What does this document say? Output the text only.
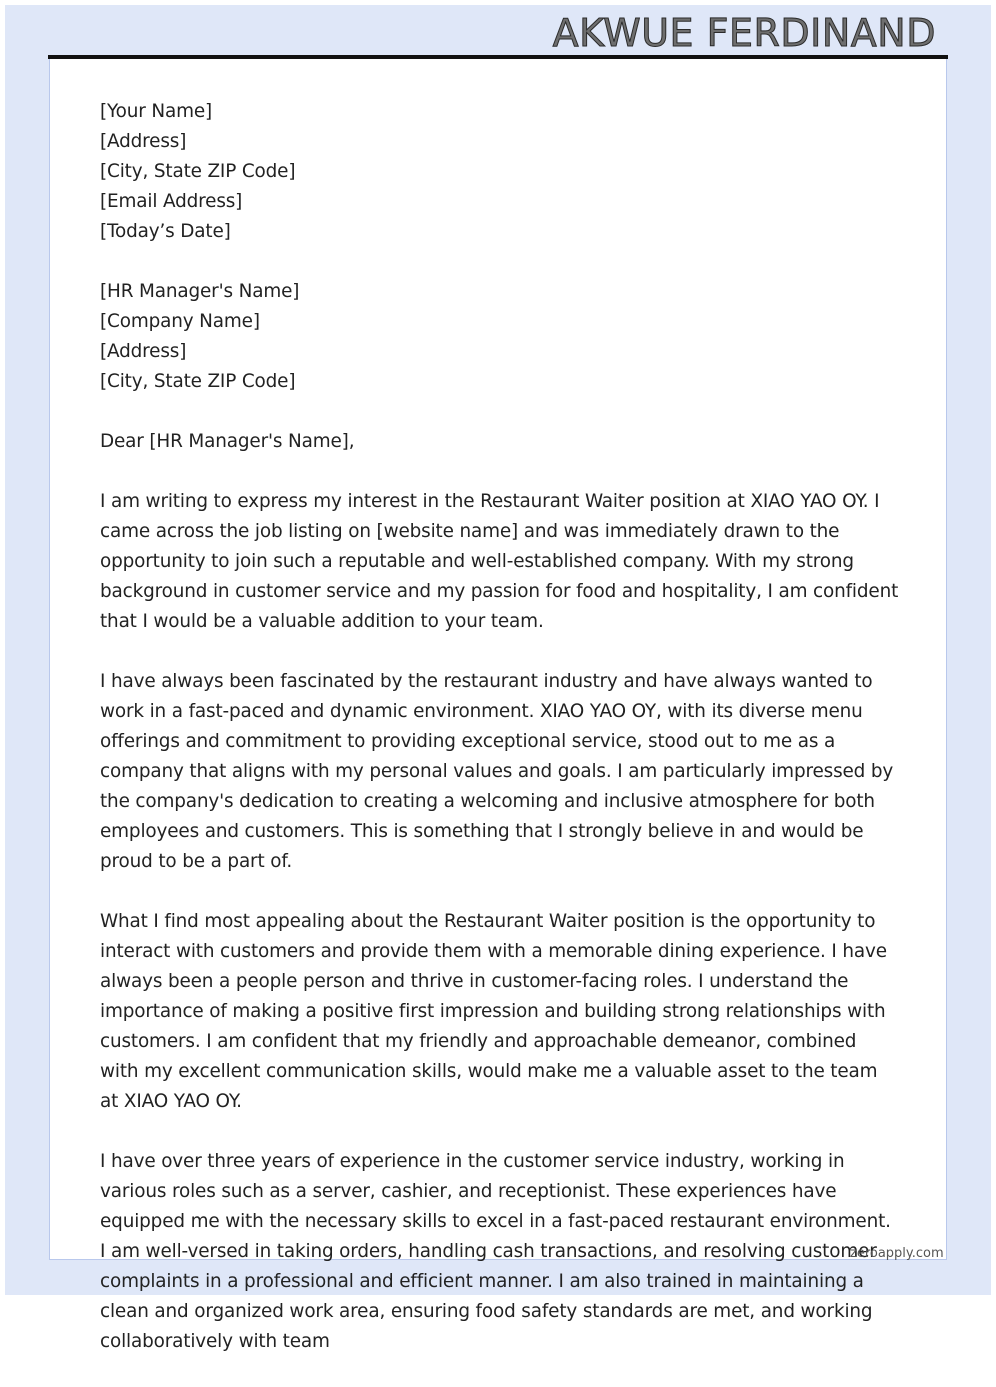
AKWUE FERDINAND
[Your Name]
[Address]
[City, State ZIP Code]
[Email Address]
[Today’s Date]
[HR Manager's Name]
[Company Name]
[Address]
[City, State ZIP Code]
Dear [HR Manager's Name],

I am writing to express my interest in the Restaurant Waiter position at XIAO YAO OY. I came across the job listing on [website name] and was immediately drawn to the opportunity to join such a reputable and well-established company. With my strong background in customer service and my passion for food and hospitality, I am confident that I would be a valuable addition to your team.

I have always been fascinated by the restaurant industry and have always wanted to work in a fast-paced and dynamic environment. XIAO YAO OY, with its diverse menu offerings and commitment to providing exceptional service, stood out to me as a company that aligns with my personal values and goals. I am particularly impressed by the company's dedication to creating a welcoming and inclusive atmosphere for both employees and customers. This is something that I strongly believe in and would be proud to be a part of.

What I find most appealing about the Restaurant Waiter position is the opportunity to interact with customers and provide them with a memorable dining experience. I have always been a people person and thrive in customer-facing roles. I understand the importance of making a positive first impression and building strong relationships with customers. I am confident that my friendly and approachable demeanor, combined with my excellent communication skills, would make me a valuable asset to the team at XIAO YAO OY.

I have over three years of experience in the customer service industry, working in various roles such as a server, cashier, and receptionist. These experiences have equipped me with the necessary skills to excel in a fast-paced restaurant environment. I am well-versed in taking orders, handling cash transactions, and resolving customer complaints in a professional and efficient manner. I am also trained in maintaining a clean and organized work area, ensuring food safety standards are met, and working collaboratively with team

zeroapply.com
